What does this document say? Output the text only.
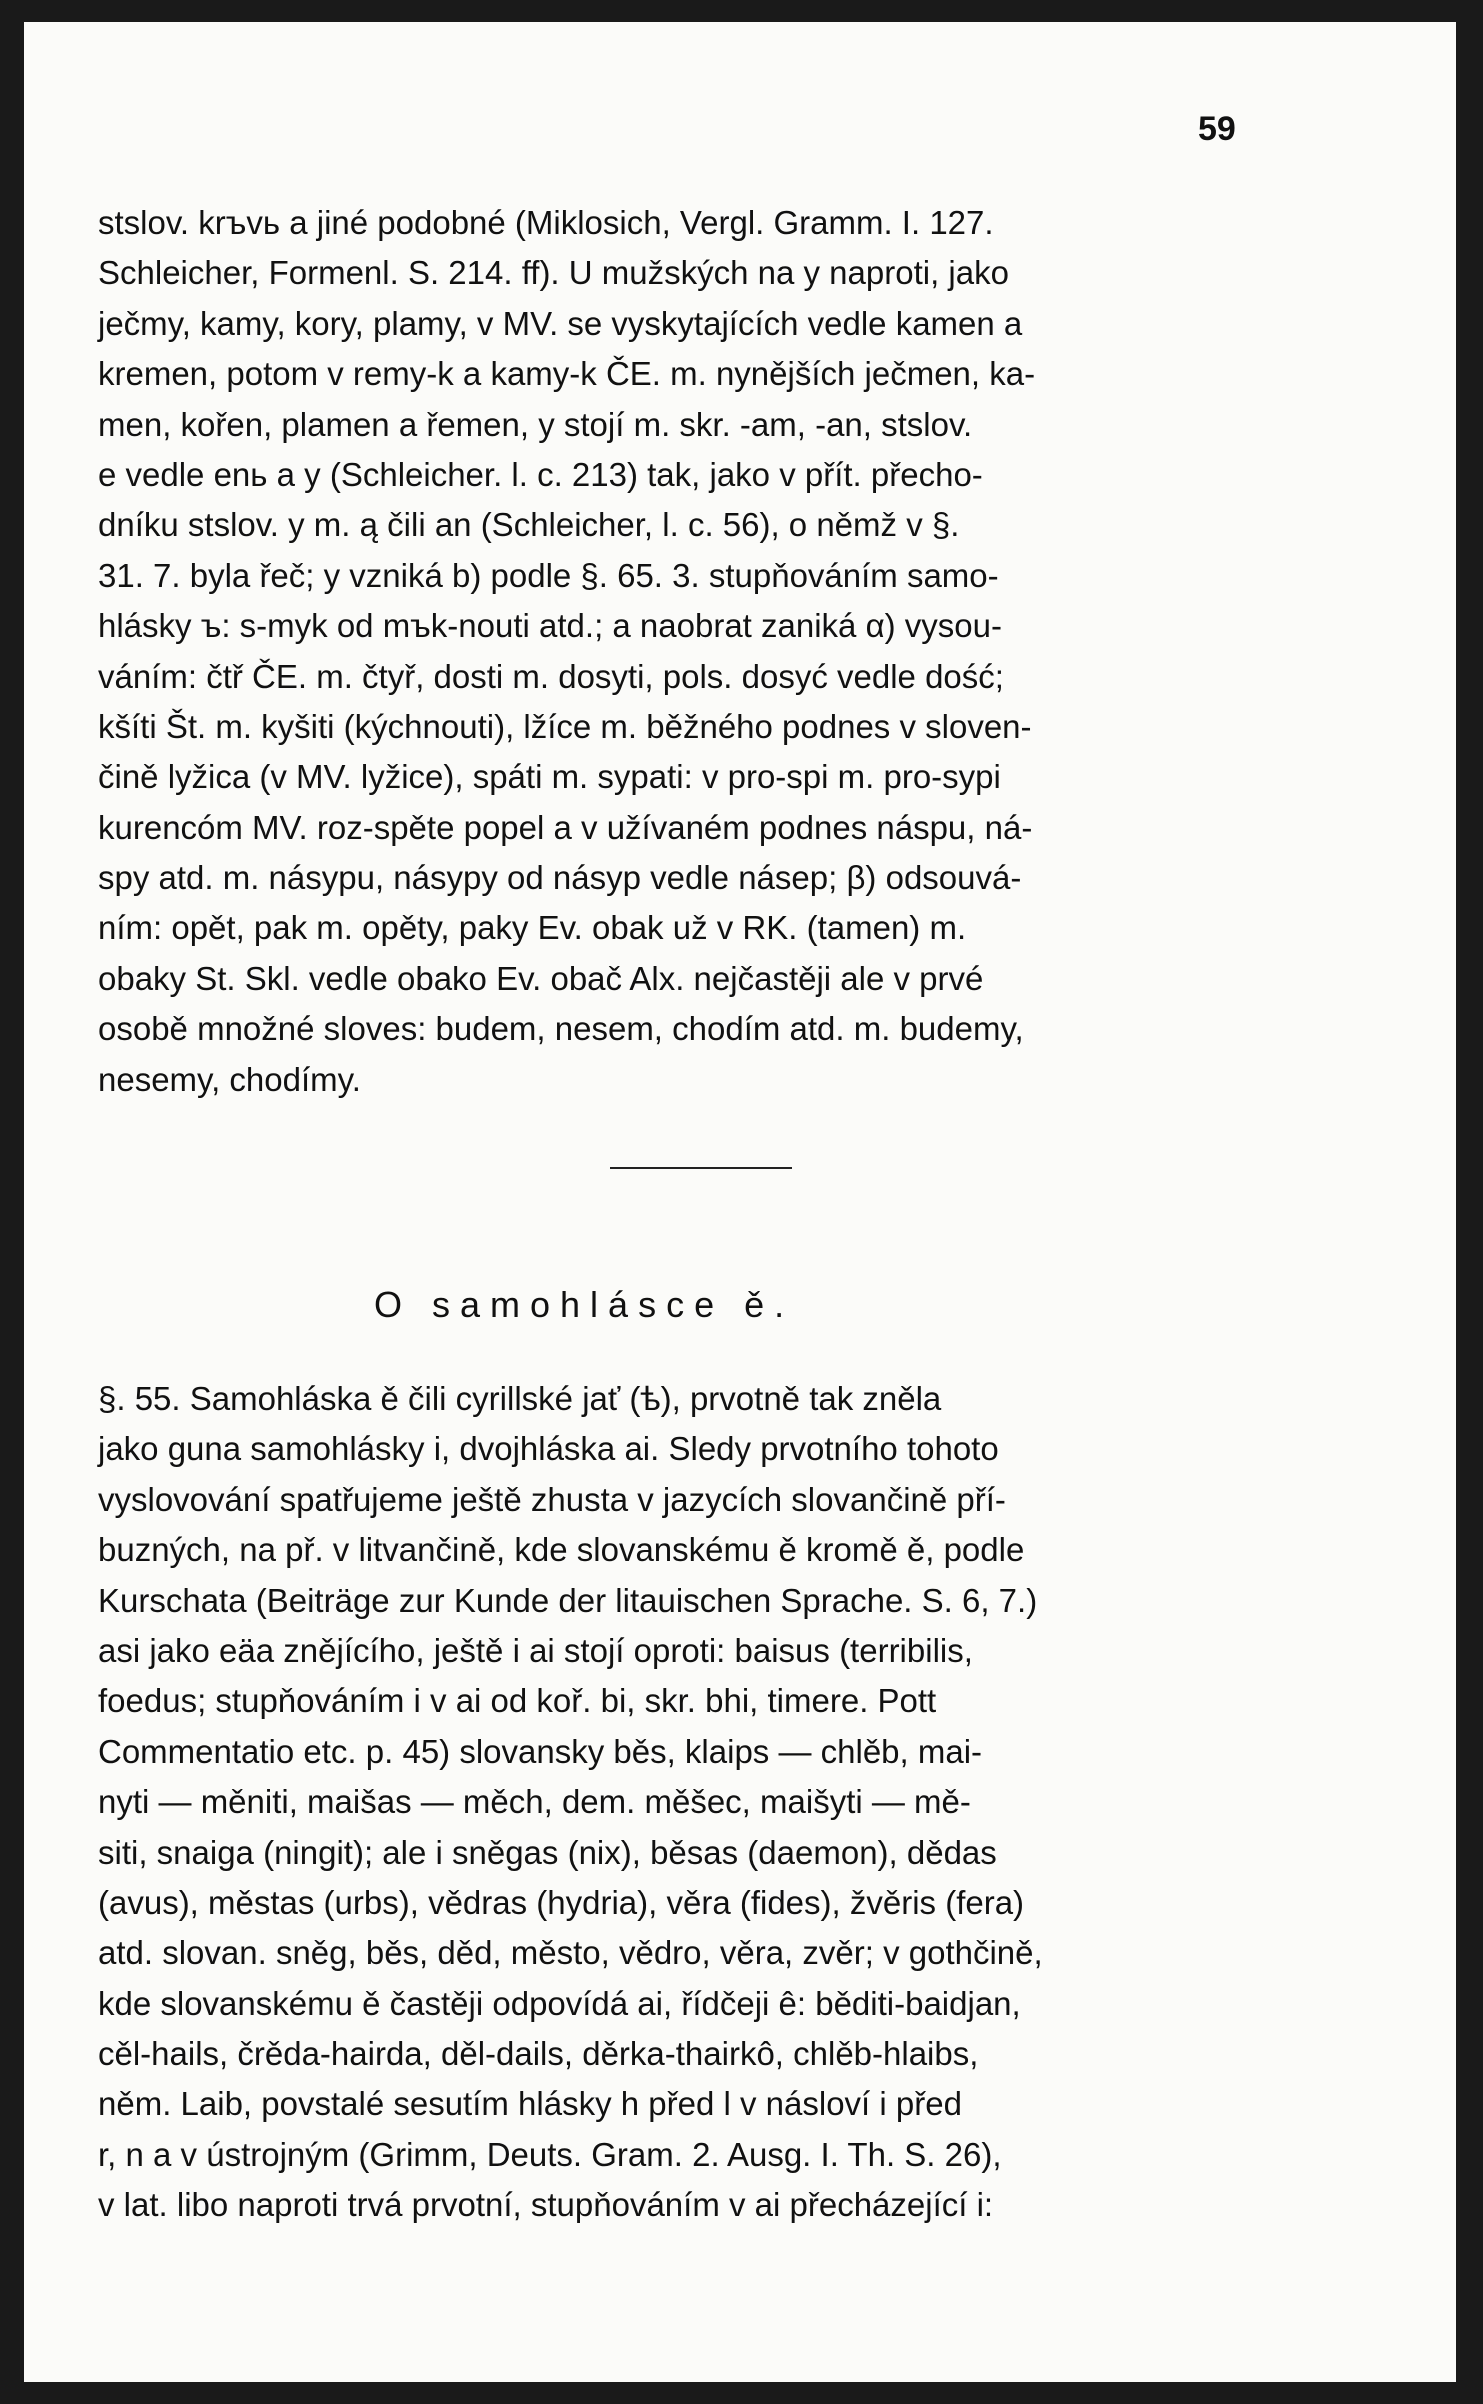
59
stslov. krъvь a jiné podobné (Miklosich, Vergl. Gramm. I. 127.
Schleicher, Formenl. S. 214. ff). U mužských na y naproti, jako
ječmy, kamy, kory, plamy, v MV. se vyskytajících vedle kamen a
kremen, potom v remy-k a kamy-k ČE. m. nynějších ječmen, ka-
men, kořen, plamen a řemen, y stojí m. skr. -am, -an, stslov.
e vedle enь a y (Schleicher. l. c. 213) tak, jako v přít. přecho-
dníku stslov. y m. ą čili an (Schleicher, l. c. 56), o němž v §.
31. 7. byla řeč; y vzniká b) podle §. 65. 3. stupňováním samo-
hlásky ъ: s-myk od mъk-nouti atd.; a naobrat zaniká α) vysou-
váním: čtř ČE. m. čtyř, dosti m. dosyti, pols. dosyć vedle dość;
kšíti Št. m. kyšiti (kýchnouti), lžíce m. běžného podnes v sloven-
čině lyžica (v MV. lyžice), spáti m. sypati: v pro-spi m. pro-sypi
kurencóm MV. roz-spěte popel a v užívaném podnes náspu, ná-
spy atd. m. násypu, násypy od násyp vedle násep; β) odsouvá-
ním: opět, pak m. opěty, paky Ev. obak už v RK. (tamen) m.
obaky St. Skl. vedle obako Ev. obač Alx. nejčastěji ale v prvé
osobě množné sloves: budem, nesem, chodím atd. m. budemy,
nesemy, chodímy.
O samohlásce ě.
§. 55. Samohláska ě čili cyrillské jať (ѣ), prvotně tak zněla
jako guna samohlásky i, dvojhláska ai. Sledy prvotního tohoto
vyslovování spatřujeme ještě zhusta v jazycích slovančině pří-
buzných, na př. v litvančině, kde slovanskému ě kromě ě, podle
Kurschata (Beiträge zur Kunde der litauischen Sprache. S. 6, 7.)
asi jako eäa znějícího, ještě i ai stojí oproti: baisus (terribilis,
foedus; stupňováním i v ai od koř. bi, skr. bhi, timere. Pott
Commentatio etc. p. 45) slovansky běs, klaips — chlěb, mai-
nyti — měniti, maišas — měch, dem. měšec, maišyti — mě-
siti, snaiga (ningit); ale i sněgas (nix), běsas (daemon), dědas
(avus), městas (urbs), vědras (hydria), věra (fides), žvěris (fera)
atd. slovan. sněg, běs, děd, město, vědro, věra, zvěr; v gothčině,
kde slovanskému ě častěji odpovídá ai, řídčeji ê: běditi-baidjan,
cěl-hails, črěda-hairda, děl-dails, děrka-thairkô, chlěb-hlaibs,
něm. Laib, povstalé sesutím hlásky h před l v násloví i před
r, n a v ústrojným (Grimm, Deuts. Gram. 2. Ausg. I. Th. S. 26),
v lat. libo naproti trvá prvotní, stupňováním v ai přecházející i:
